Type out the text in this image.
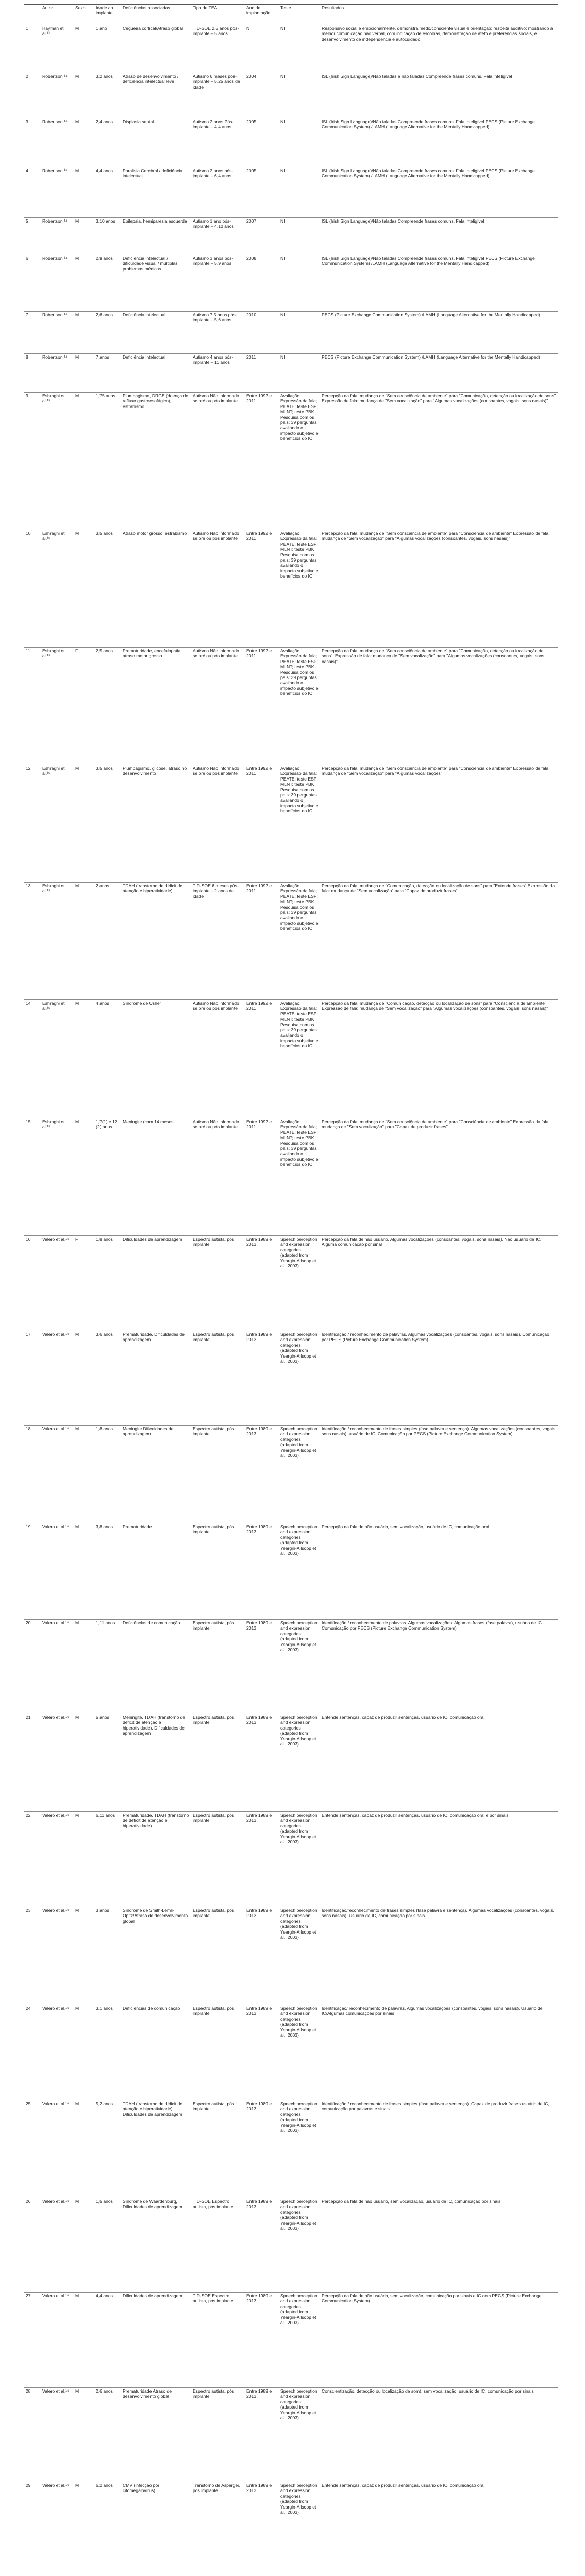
	Autor	Sexo	Idade ao implante	Deficiências associadas	Tipo de TEA	Ano de implantação	Teste	Resultados
1	Hayman et al.¹³	M	1 ano	Cegueira cortical/Atraso global	TID-SOE 2,5 anos pós-implante – 5 anos	NI	NI	Responsivo social e emocionalmente, demonstra medo/consciente visual e orientação; respeita auditivo; mostrando a melhor comunicação não verbal, com indicação de escolhas, demonstração de afeto e preferências sociais, e desenvolvimento de independência e autocuidado
2	Robertson ¹⁴	M	3,2 anos	Atraso de desenvolvimento / deficiência intelectual leve	Autismo 6 meses pós-implante – 5,25 anos de idade	2004	NI	ISL (Irish Sign Language)/Não faladas e não faladas Compreende frases comuns. Fala inteligível
3	Robertson ¹⁴	M	2,4 anos	Displasia septal	Autismo 2 anos Pós-implante – 4,4 anos	2005	NI	ISL (Irish Sign Language)/Não faladas Compreende frases comuns. Fala inteligível PECS (Picture Exchange Communication System) /LAMH (Language Alternative for the Mentally Handicapped)
4	Robertson ¹⁴	M	4,4 anos	Paralisia Cerebral / deficiência intelectual	Autismo 2 anos pós-implante – 6,4 anos	2005	NI	ISL (Irish Sign Language)/Não faladas Compreende frases comuns. Fala inteligível PECS (Picture Exchange Communication System) /LAMH (Language Alternative for the Mentally Handicapped)
5	Robertson ¹⁴	M	3,10 anos	Epilepsia, hemiparesia esquerda	Autismo 1 ano pós-implante – 4,10 anos	2007	NI	ISL (Irish Sign Language)/Não faladas Compreende frases comuns. Fala inteligível
6	Robertson ¹⁴	M	2,9 anos	Deficiência intelectual / dificuldade visual / múltiplas problemas médicos	Autismo 3 anos pós-implante – 5,9 anos	2008	NI	ISL (Irish Sign Language)/Não faladas Compreende frases comuns. Fala inteligível PECS (Picture Exchange Communication System) /LAMH (Language Alternative for the Mentally Handicapped)
7	Robertson ¹⁴	M	2,6 anos	Deficiência intelectual	Autismo 7,5 anos pós-implante – 5,6 anos	2010	NI	PECS (Picture Exchange Communication System) /LAMH (Language Alternative for the Mentally Handicapped)
8	Robertson ¹⁴	M	7 anos	Deficiência intelectual	Autismo 4 anos pós-implante – 11 anos	2011	NI	PECS (Picture Exchange Communication System) /LAMH (Language Alternative for the Mentally Handicapped)
9	Eshraghi et al.¹⁵	M	1,75 anos	Plumbagismo, DRGE (doença do refluxo gastroesofágico), estrabismo	Autismo Não informado se pré ou pós implante	Entre 1992 e 2011	Avaliação: Expressão da fala; PEATE; teste ESP; MLNT; teste PBK Pesquisa com os pais: 39 perguntas avaliando o impacto subjetivo e benefícios do IC	Percepção da fala: mudança de "Sem consciência de ambiente" para "Comunicação, detecção ou localização de sons" Expressão de fala: mudança de "Sem vocalização" para "Algumas vocalizações (consoantes, vogais, sons nasais)"
10	Eshraghi et al.¹⁵	M	3,5 anos	Atraso motor grosso, estrabismo	Autismo Não informado se pré ou pós implante	Entre 1992 e 2011	Avaliação: Expressão da fala; PEATE; teste ESP; MLNT; teste PBK Pesquisa com os pais: 39 perguntas avaliando o impacto subjetivo e benefícios do IC	Percepção da fala: mudança de "Sem consciência de ambiente" para "Consciência de ambiente" Expressão de fala: mudança de "Sem vocalização" para "Algumas vocalizações (consoantes, vogais, sons nasais)"
11	Eshraghi et al.¹⁵	F	2,5 anos	Prematuridade, encefalopatia atraso motor grosso	Autismo Não informado se pré ou pós implante	Entre 1992 e 2011	Avaliação: Expressão da fala; PEATE; teste ESP; MLNT; teste PBK Pesquisa com os pais: 39 perguntas avaliando o impacto subjetivo e benefícios do IC	Percepção da fala: mudança de "Sem consciência de ambiente" para "Comunicação, detecção ou localização de sons". Expressão de fala: mudança de "Sem vocalização" para "Algumas vocalizações (consoantes, vogais, sons nasais)"
12	Eshraghi et al.¹⁵	M	3,5 anos	Plumbagismo, glicose, atraso no desenvolvimento	Autismo Não informado se pré ou pós implante	Entre 1992 e 2011	Avaliação: Expressão da fala; PEATE; teste ESP; MLNT; teste PBK Pesquisa com os pais: 39 perguntas avaliando o impacto subjetivo e benefícios do IC	Percepção da fala: mudança de "Sem consciência de ambiente" para "Consciência de ambiente" Expressão de fala: mudança de "Sem vocalização" para "Algumas vocalizações"
13	Eshraghi et al.¹⁵	M	2 anos	TDAH (transtorno de déficit de atenção e hiperatividade)	TID-SOE 6 meses pós-implante – 2 anos de idade	Entre 1992 e 2011	Avaliação: Expressão da fala; PEATE; teste ESP; MLNT; teste PBK Pesquisa com os pais: 39 perguntas avaliando o impacto subjetivo e benefícios do IC	Percepção da fala: mudança de "Comunicação, detecção ou localização de sons" para "Entende frases" Expressão da fala: mudança de "Sem vocalização" para "Capaz de produzir frases"
14	Eshraghi et al.¹⁵	M	4 anos	Síndrome de Usher	Autismo Não informado se pré ou pós implante	Entre 1992 e 2011	Avaliação: Expressão da fala; PEATE; teste ESP; MLNT; teste PBK Pesquisa com os pais: 39 perguntas avaliando o impacto subjetivo e benefícios do IC	Percepção da fala: mudança de "Comunicação, detecção ou localização de sons" para "Consciência de ambiente" Expressão de fala: mudança de "Sem vocalização" para "Algumas vocalizações (consoantes, vogais, sons nasais)"
15	Eshraghi et al.¹⁵	M	1,7(1) e 12 (2) anos	Meningite (com 14 meses	Autismo Não informado se pré ou pós implante	Entre 1992 e 2011	Avaliação: Expressão da fala; PEATE; teste ESP; MLNT; teste PBK Pesquisa com os pais: 39 perguntas avaliando o impacto subjetivo e benefícios do IC	Percepção da fala: mudança de "Sem consciência de ambiente" para "Consciência de ambiente" Expressão da fala: mudança de "Sem vocalização" para "Capaz de produzir frases"
16	Valero et al.¹⁶	F	1,8 anos	Dificuldades de aprendizagem	Espectro autista, pós implante	Entre 1989 e 2013	Speech perception and expression categories (adapted from Yeargin-Allsopp et al., 2003)	Percepção da fala de não usuário. Algumas vocalizações (consoantes, vogais, sons nasais). Não usuário de IC. Alguma comunicação por sinal
17	Valero et al.¹⁶	M	3,6 anos	Prematuridade. Dificuldades de aprendizagem	Espectro autista, pós implante	Entre 1989 e 2013	Speech perception and expression categories (adapted from Yeargin-Allsopp et al., 2003)	Identificação / reconhecimento de palavras. Algumas vocalizações (consoantes, vogais, sons nasais). Comunicação por PECS (Picture Exchange Communication System)
18	Valero et al.¹⁶	M	1,8 anos	Meningite Dificuldades de aprendizagem	Espectro autista, pós implante	Entre 1989 e 2013	Speech perception and expression categories (adapted from Yeargin-Allsopp et al., 2003)	Identificação / reconhecimento de frases simples (fase palavra e sentença). Algumas vocalizações (consoantes, vogais, sons nasais), usuário de IC. Comunicação por PECS (Picture Exchange Communication System)
19	Valero et al.¹⁶	M	3,8 anos	Prematuridade	Espectro autista, pós implante	Entre 1989 e 2013	Speech perception and expression categories (adapted from Yeargin-Allsopp et al., 2003)	Percepção da fala de não usuário, sem vocalização, usuário de IC, comunicação oral
20	Valero et al.¹⁶	M	1,11 anos	Deficiências de comunicação	Espectro autista, pós implante	Entre 1989 e 2013	Speech perception and expression categories (adapted from Yeargin-Allsopp et al., 2003)	Identificação / reconhecimento de palavras. Algumas vocalizações. Algumas frases (fase palavra), usuário de IC. Comunicação por PECS (Picture Exchange Communication System)
21	Valero et al.¹⁶	M	5 anos	Meningite, TDAH (transtorno de déficit de atenção e hiperatividade). Dificuldades de aprendizagem	Espectro autista, pós implante	Entre 1989 e 2013	Speech perception and expression categories (adapted from Yeargin-Allsopp et al., 2003)	Entende sentenças, capaz de produzir sentenças, usuário de IC, comunicação oral
22	Valero et al.¹⁶	M	6,11 anos	Prematuridade, TDAH (transtorno de déficit de atenção e hiperatividade)	Espectro autista, pós implante	Entre 1989 e 2013	Speech perception and expression categories (adapted from Yeargin-Allsopp et al., 2003)	Entende sentenças, capaz de produzir sentenças, usuário de IC, comunicação oral e por sinais
23	Valero et al.¹⁶	M	3 anos	Síndrome de Smith-Lemli-Opitz/Atraso de desenvolvimento global	Espectro autista, pós implante	Entre 1989 e 2013	Speech perception and expression categories (adapted from Yeargin-Allsopp et al., 2003)	Identificação/reconhecimento de frases simples (fase palavra e sentença), Algumas vocalizações (consoantes, vogais, sons nasais), Usuário de IC, comunicação por sinais
24	Valero et al.¹⁶	M	3,1 anos	Deficiências de comunicação	Espectro autista, pós implante	Entre 1989 e 2013	Speech perception and expression categories (adapted from Yeargin-Allsopp et al., 2003)	Identificação/ reconhecimento de palavras. Algumas vocalizações (consoantes, vogais, sons nasais), Usuário de IC/Algumas comunicações por sinais
25	Valero et al.¹⁶	M	5,2 anos	TDAH (transtorno de déficit de atenção e hiperatividade) Dificuldades de aprendizagem	Espectro autista, pós implante	Entre 1989 e 2013	Speech perception and expression categories (adapted from Yeargin-Allsopp et al., 2003)	Identificação / reconhecimento de frases simples (fase palavra e sentença). Capaz de produzir frases usuário de IC, comunicação por palavras e sinais
26	Valero et al.¹⁶	M	1,5 anos	Síndrome de Waardenburg, Dificuldades de aprendizagem	TID-SOE Espectro autista, pós implante	Entre 1989 e 2013	Speech perception and expression categories (adapted from Yeargin-Allsopp et al., 2003)	Percepção da fala de não usuário, sem vocalização, usuário de IC, comunicação por sinais
27	Valero et al.¹⁶	M	4,4 anos	Dificuldades de aprendizagem	TID-SOE Espectro autista, pós implante	Entre 1989 e 2013	Speech perception and expression categories (adapted from Yeargin-Allsopp et al., 2003)	Percepção da fala de não usuário, sem vocalização, comunicação por sinais e IC com PECS (Picture Exchange Communication System)
28	Valero et al.¹⁶	M	2,6 anos	Prematuridade Atraso de desenvolvimento global	Espectro autista, pós implante	Entre 1989 e 2013	Speech perception and expression categories (adapted from Yeargin-Allsopp et al., 2003)	Conscientização, detecção ou localização de som), sem vocalização, usuário de IC, comunicação por sinais
29	Valero et al.¹⁶	M	6,2 anos	CMV (infecção por citomegalovírus)	Transtorno de Asperger, pós implante	Entre 1989 e 2013	Speech perception and expression categories (adapted from Yeargin-Allsopp et al., 2003)	Entende sentenças, capaz de produzir sentenças, usuário de IC, comunicação oral
